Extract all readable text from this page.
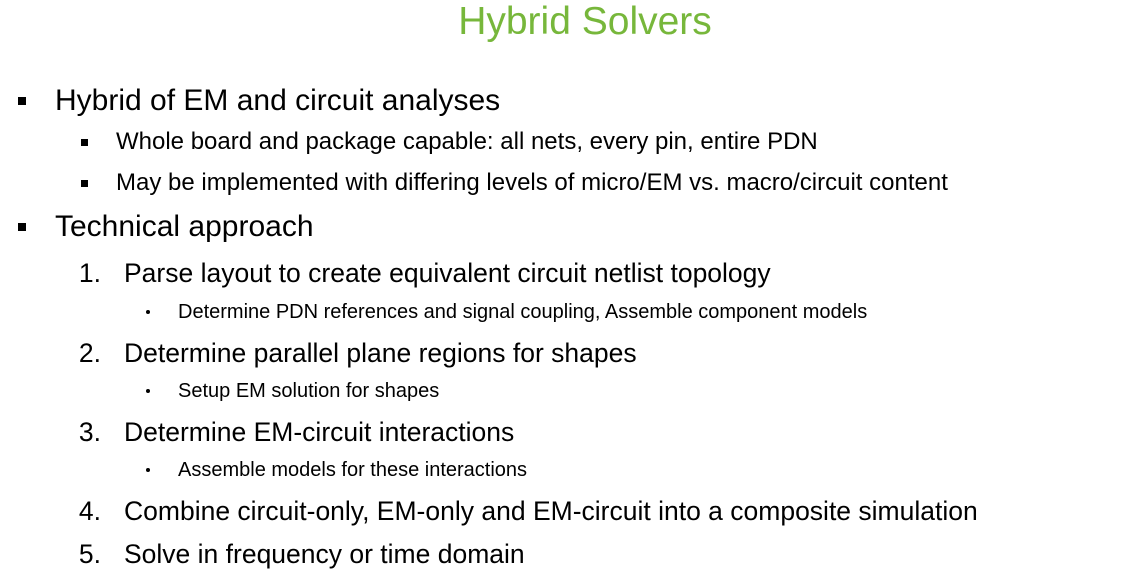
Hybrid Solvers
Hybrid of EM and circuit analyses
Whole board and package capable: all nets, every pin, entire PDN
May be implemented with differing levels of micro/EM vs. macro/circuit content
Technical approach
1. Parse layout to create equivalent circuit netlist topology
Determine PDN references and signal coupling, Assemble component models
2. Determine parallel plane regions for shapes
Setup EM solution for shapes
3. Determine EM-circuit interactions
Assemble models for these interactions
4. Combine circuit-only, EM-only and EM-circuit into a composite simulation
5. Solve in frequency or time domain
